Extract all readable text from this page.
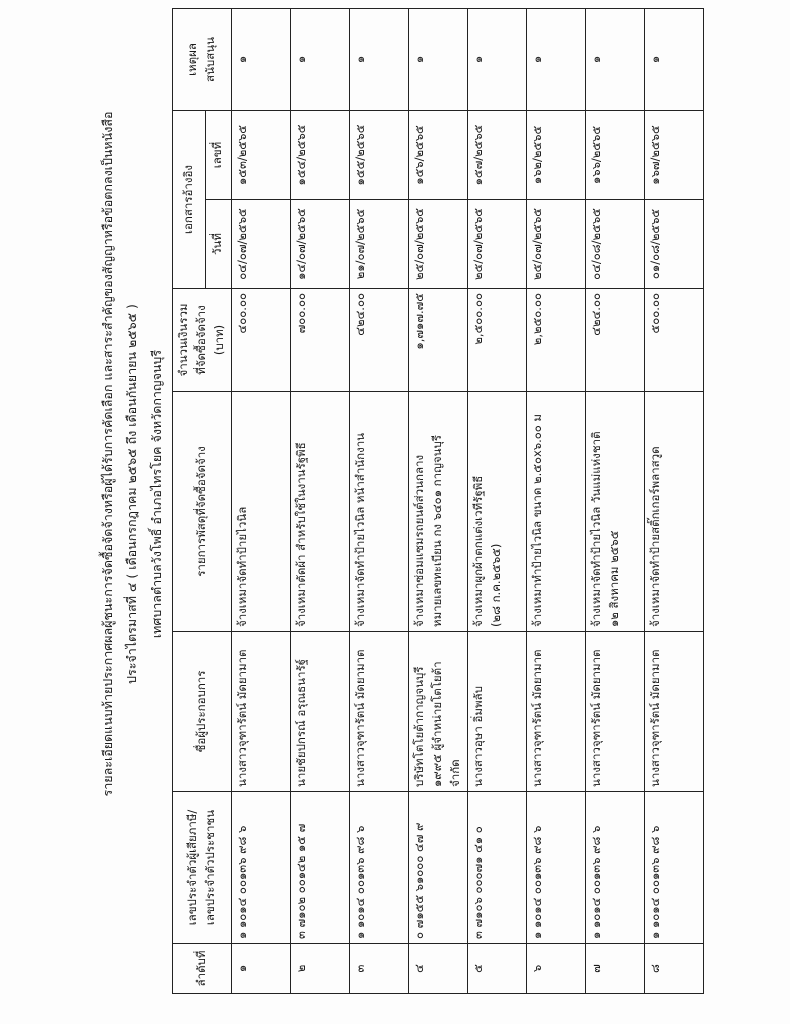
รายละเอียดแนบท้ายประกาศผลผู้ชนะการจัดซื้อจัดจ้างหรือผู้ได้รับการคัดเลือก และสาระสำคัญของสัญญาหรือข้อตกลงเป็นหนังสือ ประจำไตรมาสที่ ๔ ( เดือนกรกฎาคม ๒๕๖๕ ถึง เดือนกันยายน ๒๕๖๕ ) เทศบาลตำบลวังโพธิ์ อำเภอไทรโยค จังหวัดกาญจนบุรี
ลำดับที่	เลขประจำตัวผู้เสียภาษี/ เลขประจำตัวประชาชน	ชื่อผู้ประกอบการ	รายการพัสดุที่จัดซื้อจัดจ้าง	จำนวนเงินรวม ที่จัดซื้อจัดจ้าง (บาท)	เอกสารอ้างอิง		เหตุผล สนับสนุน

					วันที่	เลขที่	
๑	๑ ๑๐๑๔ ๐๐๑๓๖ ๙๘ ๖	นางสาวจุฑารัตน์ มัดยามาต	จ้างเหมาจัดทำป้ายไวนิล	๔๐๐.๐๐	๐๔/๐๗/๒๕๖๕	๑๕๓/๒๕๖๕	๑
๒	๓ ๗๑๐๒ ๐๐๑๔๒ ๑๕ ๗	นายชัยปกรณ์ อรุณธนารัฐ์	จ้างเหมาตัดผ้า สำหรับใช้ในงานรัฐพิธี	๗๐๐.๐๐	๑๔/๐๗/๒๕๖๕	๑๕๔/๒๕๖๕	๑
๓	๑ ๑๐๑๔ ๐๐๑๓๖ ๙๘ ๖	นางสาวจุฑารัตน์ มัดยามาต	จ้างเหมาจัดทำป้ายไวนิล หน้าสำนักงาน	๔๒๔.๐๐	๒๑/๐๗/๒๕๖๕	๑๕๕/๒๕๖๕	๑
๔	๐ ๗๑๕๕ ๖๑๐๐๐ ๔๗ ๙	บริษัทโตโยต้ากาญจนบุรี ๑๙๙๕ ผู้จำหน่ายโตโยต้า จำกัด	จ้างเหมาซ่อมแซมรถยนต์ส่วนกลาง หมายเลขทะเบียน กง ๖๔๐๑ กาญจนบุรี	๑,๗๑๗.๗๕	๒๕/๐๗/๒๕๖๕	๑๕๖/๒๕๖๕	๑
๕	๓ ๗๑๐๖ ๐๐๐๗๑ ๔๑ ๐	นางสาวอุษา อิ่มพลับ	จ้างเหมาผูกผ้าตกแต่งเวทีรัฐพิธี (๒๘ ก.ค.๒๕๖๕)	๒,๕๐๐.๐๐	๒๕/๐๗/๒๕๖๕	๑๕๗/๒๕๖๕	๑
๖	๑ ๑๐๑๔ ๐๐๑๓๖ ๙๘ ๖	นางสาวจุฑารัตน์ มัดยามาต	จ้างเหมาทำป้ายไวนิล ขนาด ๒.๕๐x๖.๐๐ ม	๒,๒๕๐.๐๐	๒๕/๐๗/๒๕๖๕	๑๖๒/๒๕๖๕	๑
๗	๑ ๑๐๑๔ ๐๐๑๓๖ ๙๘ ๖	นางสาวจุฑารัตน์ มัดยามาต	จ้างเหมาจัดทำป้ายไวนิล วันแม่แห่งชาติ ๑๒ สิงหาคม ๒๕๖๕	๔๒๔.๐๐	๐๔/๐๘/๒๕๖๕	๑๖๖/๒๕๖๕	๑
๘	๑ ๑๐๑๔ ๐๐๑๓๖ ๙๘ ๖	นางสาวจุฑารัตน์ มัดยามาต	จ้างเหมาจัดทำป้ายสติ๊กเกอร์พลาสวูด	๕๐๐.๐๐	๐๑/๐๘/๒๕๖๕	๑๖๗/๒๕๖๕	๑
